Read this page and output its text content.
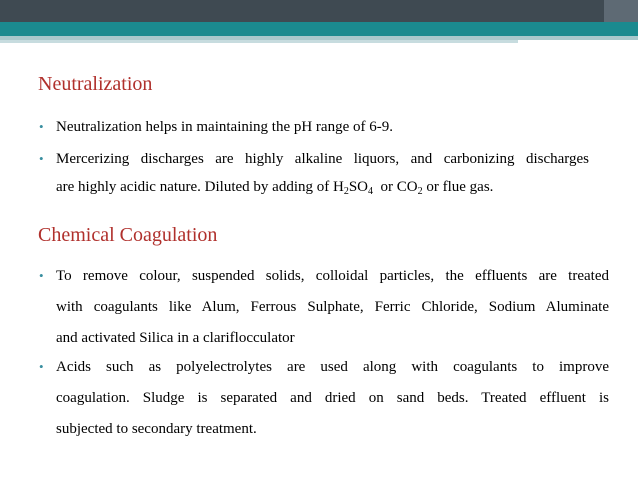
Neutralization
• Neutralization helps in maintaining the pH range of 6-9.
• Mercerizing discharges are highly alkaline liquors, and carbonizing discharges
are highly acidic nature. Diluted by adding of $H_2SO_4$  or $CO_2$ or flue gas.
Chemical Coagulation
• To remove colour, suspended solids, colloidal particles, the effluents are treated
with coagulants like Alum, Ferrous Sulphate, Ferric Chloride, Sodium Aluminate
and activated Silica in a clariflocculator
• Acids such as polyelectrolytes are used along with coagulants to improve
coagulation. Sludge is separated and dried on sand beds. Treated effluent is
subjected to secondary treatment.
